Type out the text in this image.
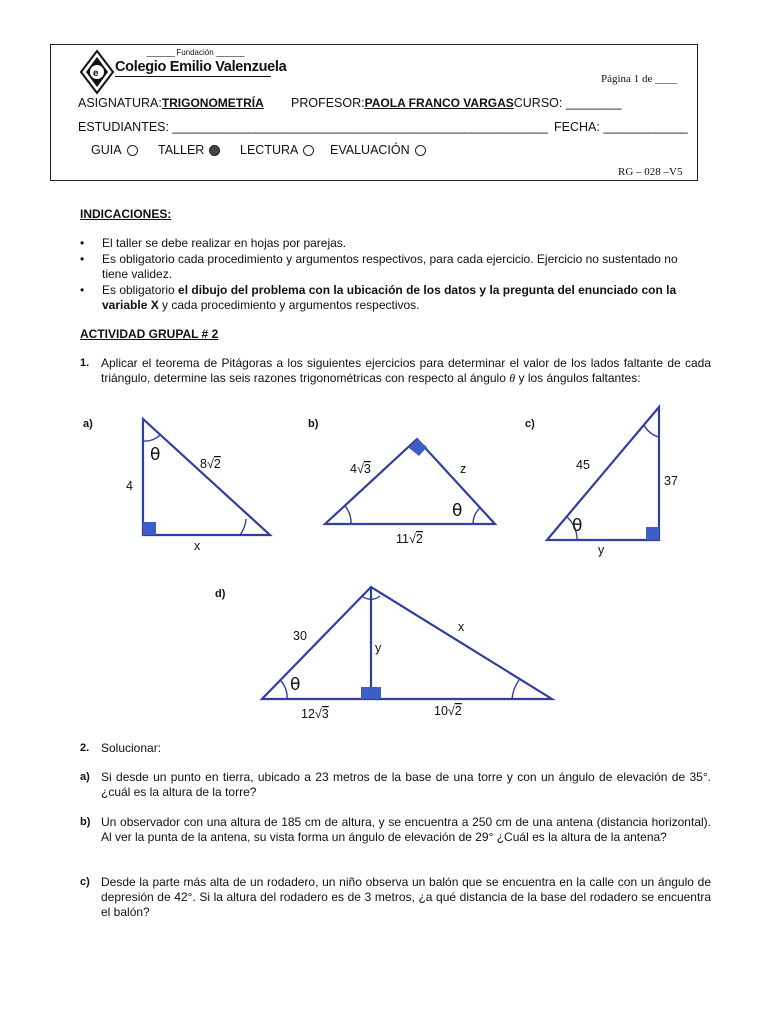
e
________ Fundación ________
Colegio Emilio Valenzuela
Página 1 de ____
ASIGNATURA:TRIGONOMETRÍA PROFESOR:PAOLA FRANCO VARGASCURSO: ________
ESTUDIANTES: ___________________________________________________________ FECHA: _____________
GUIA	TALLER	LECTURA	EVALUACIÓN
RG – 028 –V5
INDICACIONES:
• El taller se debe realizar en hojas por parejas.
• Es obligatorio cada procedimiento y argumentos respectivos, para cada ejercicio. Ejercicio no sustentado no tiene validez.
• Es obligatorio el dibujo del problema con la ubicación de los datos y la pregunta del enunciado con la variable X y cada procedimiento y argumentos respectivos.
ACTIVIDAD GRUPAL # 2
1. Aplicar el teorema de Pitágoras a los siguientes ejercicios para determinar el valor de los lados faltante de cada triángulo, determine las seis razones trigonométricas con respecto al ángulo θ y los ángulos faltantes:
a)
θ
4
8√2
x
b)
θ
4√3	z
11√2
c)
θ
45
37
y
d)
θ
30
y
x
12√3	10√2
2. Solucionar:
a) Si desde un punto en tierra, ubicado a 23 metros de la base de una torre y con un ángulo de elevación de 35°. ¿cuál es la altura de la torre?
b) Un observador con una altura de 185 cm de altura, y se encuentra a 250 cm de una antena (distancia horizontal). Al ver la punta de la antena, su vista forma un ángulo de elevación de 29° ¿Cuál es la altura de la antena?
c) Desde la parte más alta de un rodadero, un niño observa un balón que se encuentra en la calle con un ángulo de depresión de 42°. Si la altura del rodadero es de 3 metros, ¿a qué distancia de la base del rodadero se encuentra el balón?
